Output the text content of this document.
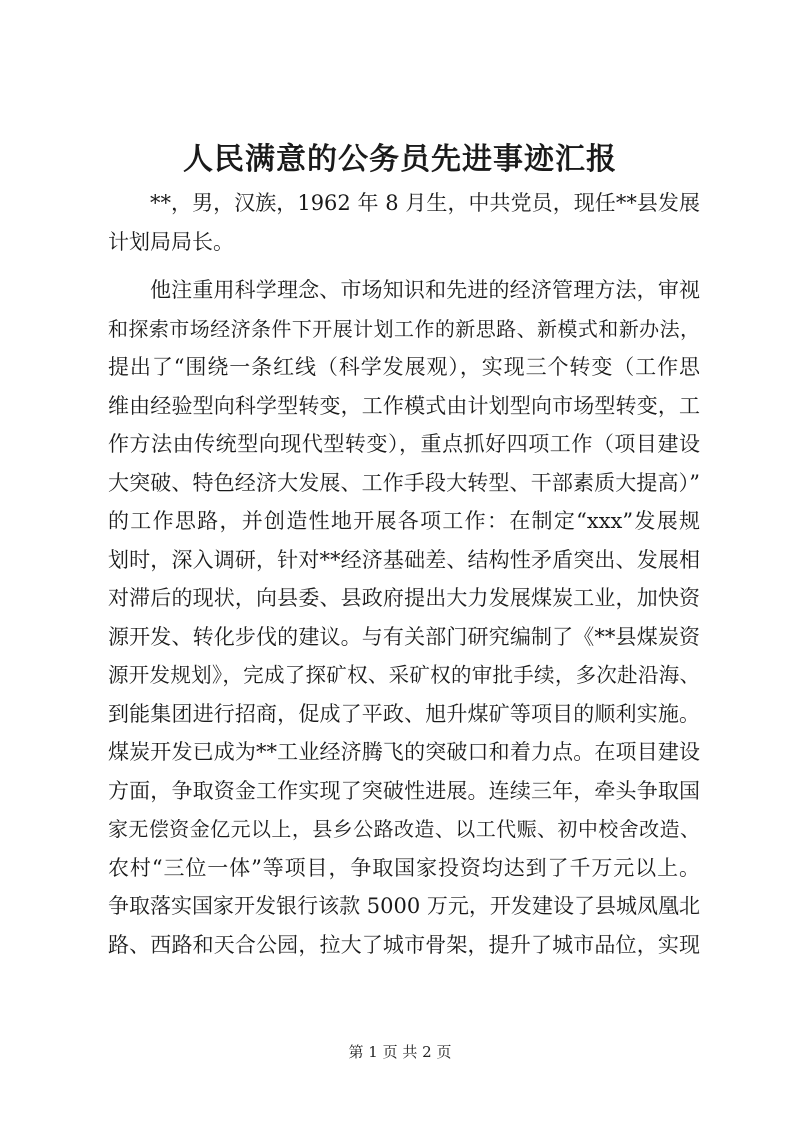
人民满意的公务员先进事迹汇报
**，男，汉族，1962 年 8 月生，中共党员，现任**县发展
计划局局长。
他注重用科学理念、市场知识和先进的经济管理方法，审视
和探索市场经济条件下开展计划工作的新思路、新模式和新办法，
提出了“围绕一条红线（科学发展观），实现三个转变（工作思
维由经验型向科学型转变，工作模式由计划型向市场型转变，工
作方法由传统型向现代型转变），重点抓好四项工作（项目建设
大突破、特色经济大发展、工作手段大转型、干部素质大提高）”
的工作思路，并创造性地开展各项工作：在制定“xxx”发展规
划时，深入调研，针对**经济基础差、结构性矛盾突出、发展相
对滞后的现状，向县委、县政府提出大力发展煤炭工业，加快资
源开发、转化步伐的建议。与有关部门研究编制了《**县煤炭资
源开发规划》，完成了探矿权、采矿权的审批手续，多次赴沿海、
到能集团进行招商，促成了平政、旭升煤矿等项目的顺利实施。
煤炭开发已成为**工业经济腾飞的突破口和着力点。在项目建设
方面，争取资金工作实现了突破性进展。连续三年，牵头争取国
家无偿资金亿元以上，县乡公路改造、以工代赈、初中校舍改造、
农村“三位一体”等项目，争取国家投资均达到了千万元以上。
争取落实国家开发银行该款 5000 万元，开发建设了县城凤凰北
路、西路和天合公园，拉大了城市骨架，提升了城市品位，实现
第 1 页 共 2 页
